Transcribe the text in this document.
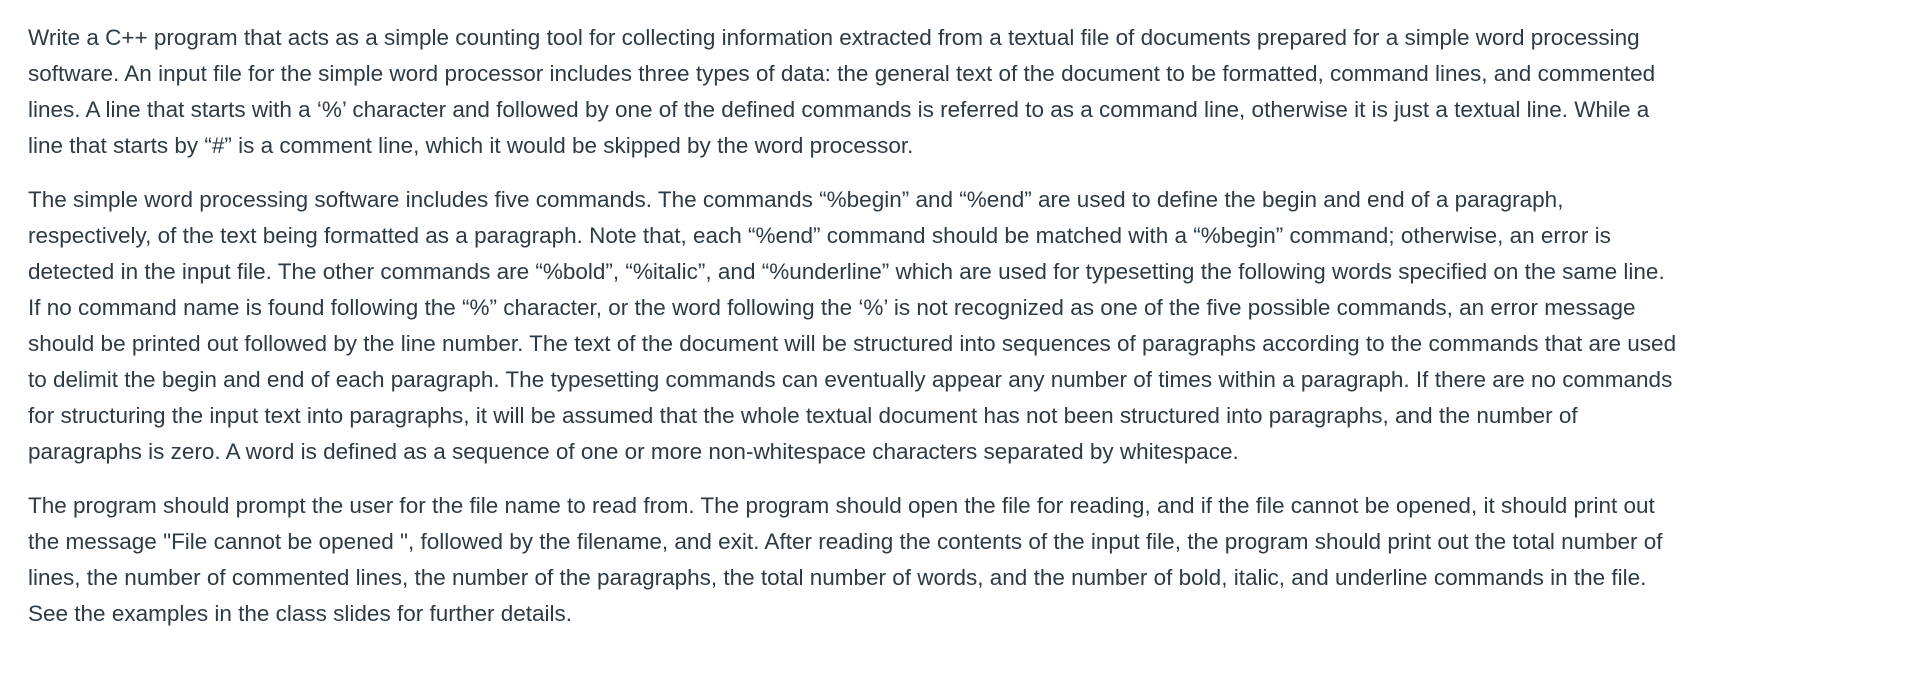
Write a C++ program that acts as a simple counting tool for collecting information extracted from a textual file of documents prepared for a simple word processing software. An input file for the simple word processor includes three types of data: the general text of the document to be formatted, command lines, and commented lines. A line that starts with a ‘%’ character and followed by one of the defined commands is referred to as a command line, otherwise it is just a textual line. While a line that starts by “#” is a comment line, which it would be skipped by the word processor.

The simple word processing software includes five commands. The commands “%begin” and “%end” are used to define the begin and end of a paragraph, respectively, of the text being formatted as a paragraph. Note that, each “%end” command should be matched with a “%begin” command; otherwise, an error is detected in the input file. The other commands are “%bold”, “%italic”, and “%underline” which are used for typesetting the following words specified on the same line. If no command name is found following the “%” character, or the word following the ‘%’ is not recognized as one of the five possible commands, an error message should be printed out followed by the line number. The text of the document will be structured into sequences of paragraphs according to the commands that are used to delimit the begin and end of each paragraph. The typesetting commands can eventually appear any number of times within a paragraph. If there are no commands for structuring the input text into paragraphs, it will be assumed that the whole textual document has not been structured into paragraphs, and the number of paragraphs is zero. A word is defined as a sequence of one or more non-whitespace characters separated by whitespace.

The program should prompt the user for the file name to read from. The program should open the file for reading, and if the file cannot be opened, it should print out the message "File cannot be opened ", followed by the filename, and exit. After reading the contents of the input file, the program should print out the total number of lines, the number of commented lines, the number of the paragraphs, the total number of words, and the number of bold, italic, and underline commands in the file. See the examples in the class slides for further details.
